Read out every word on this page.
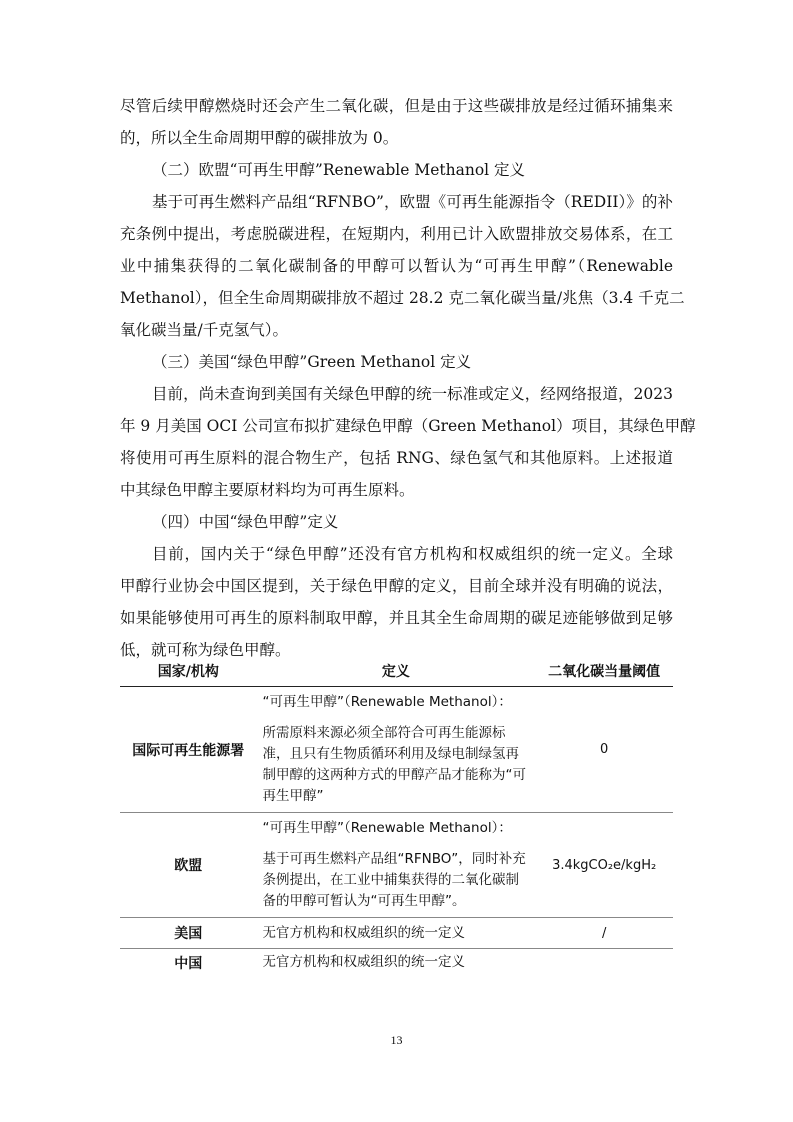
尽管后续甲醇燃烧时还会产生二氧化碳，但是由于这些碳排放是经过循环捕集来
的，所以全生命周期甲醇的碳排放为 0。
（二）欧盟“可再生甲醇”Renewable Methanol 定义
基于可再生燃料产品组“RFNBO”，欧盟《可再生能源指令（REDII）》的补
充条例中提出，考虑脱碳进程，在短期内，利用已计入欧盟排放交易体系，在工
业中捕集获得的二氧化碳制备的甲醇可以暂认为“可再生甲醇”（Renewable
Methanol），但全生命周期碳排放不超过 28.2 克二氧化碳当量/兆焦（3.4 千克二
氧化碳当量/千克氢气）。
（三）美国“绿色甲醇”Green Methanol 定义
目前，尚未查询到美国有关绿色甲醇的统一标准或定义，经网络报道，2023
年 9 月美国 OCI 公司宣布拟扩建绿色甲醇（Green Methanol）项目，其绿色甲醇
将使用可再生原料的混合物生产，包括 RNG、绿色氢气和其他原料。上述报道
中其绿色甲醇主要原材料均为可再生原料。
（四）中国“绿色甲醇”定义
目前，国内关于“绿色甲醇”还没有官方机构和权威组织的统一定义。全球
甲醇行业协会中国区提到，关于绿色甲醇的定义，目前全球并没有明确的说法，
如果能够使用可再生的原料制取甲醇，并且其全生命周期的碳足迹能够做到足够
低，就可称为绿色甲醇。
国家/机构	定义	二氧化碳当量阈值
国际可再生能源署	“可再生甲醇”（Renewable Methanol）：

所需原料来源必须全部符合可再生能源标准，且只有生物质循环利用及绿电制绿氢再制甲醇的这两种方式的甲醇产品才能称为“可再生甲醇”	0
欧盟	“可再生甲醇”（Renewable Methanol）：

基于可再生燃料产品组“RFNBO”，同时补充条例提出，在工业中捕集获得的二氧化碳制备的甲醇可暂认为“可再生甲醇”。	3.4kgCO₂e/kgH₂
美国	无官方机构和权威组织的统一定义	/
中国	无官方机构和权威组织的统一定义	
13
